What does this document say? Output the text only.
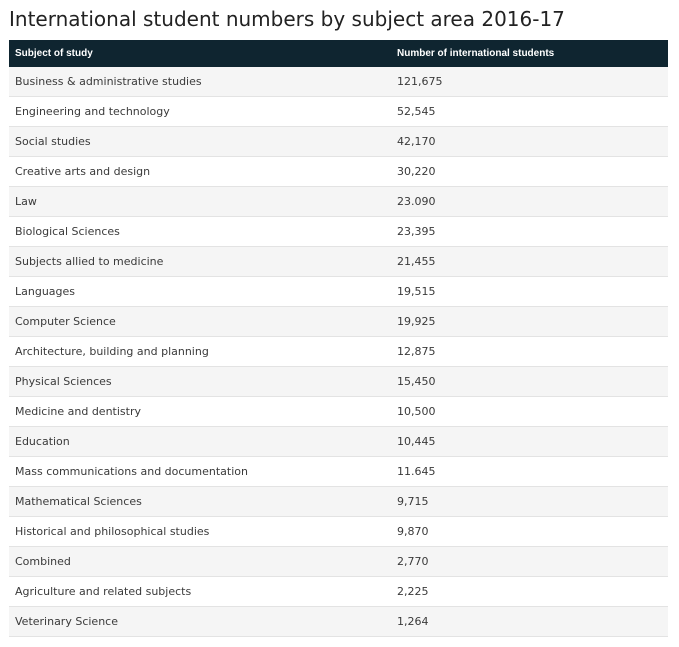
International student numbers by subject area 2016-17
Subject of study	Number of international students
Business & administrative studies	121,675
Engineering and technology	52,545
Social studies	42,170
Creative arts and design	30,220
Law	23.090
Biological Sciences	23,395
Subjects allied to medicine	21,455
Languages	19,515
Computer Science	19,925
Architecture, building and planning	12,875
Physical Sciences	15,450
Medicine and dentistry	10,500
Education	10,445
Mass communications and documentation	11.645
Mathematical Sciences	9,715
Historical and philosophical studies	9,870
Combined	2,770
Agriculture and related subjects	2,225
Veterinary Science	1,264
